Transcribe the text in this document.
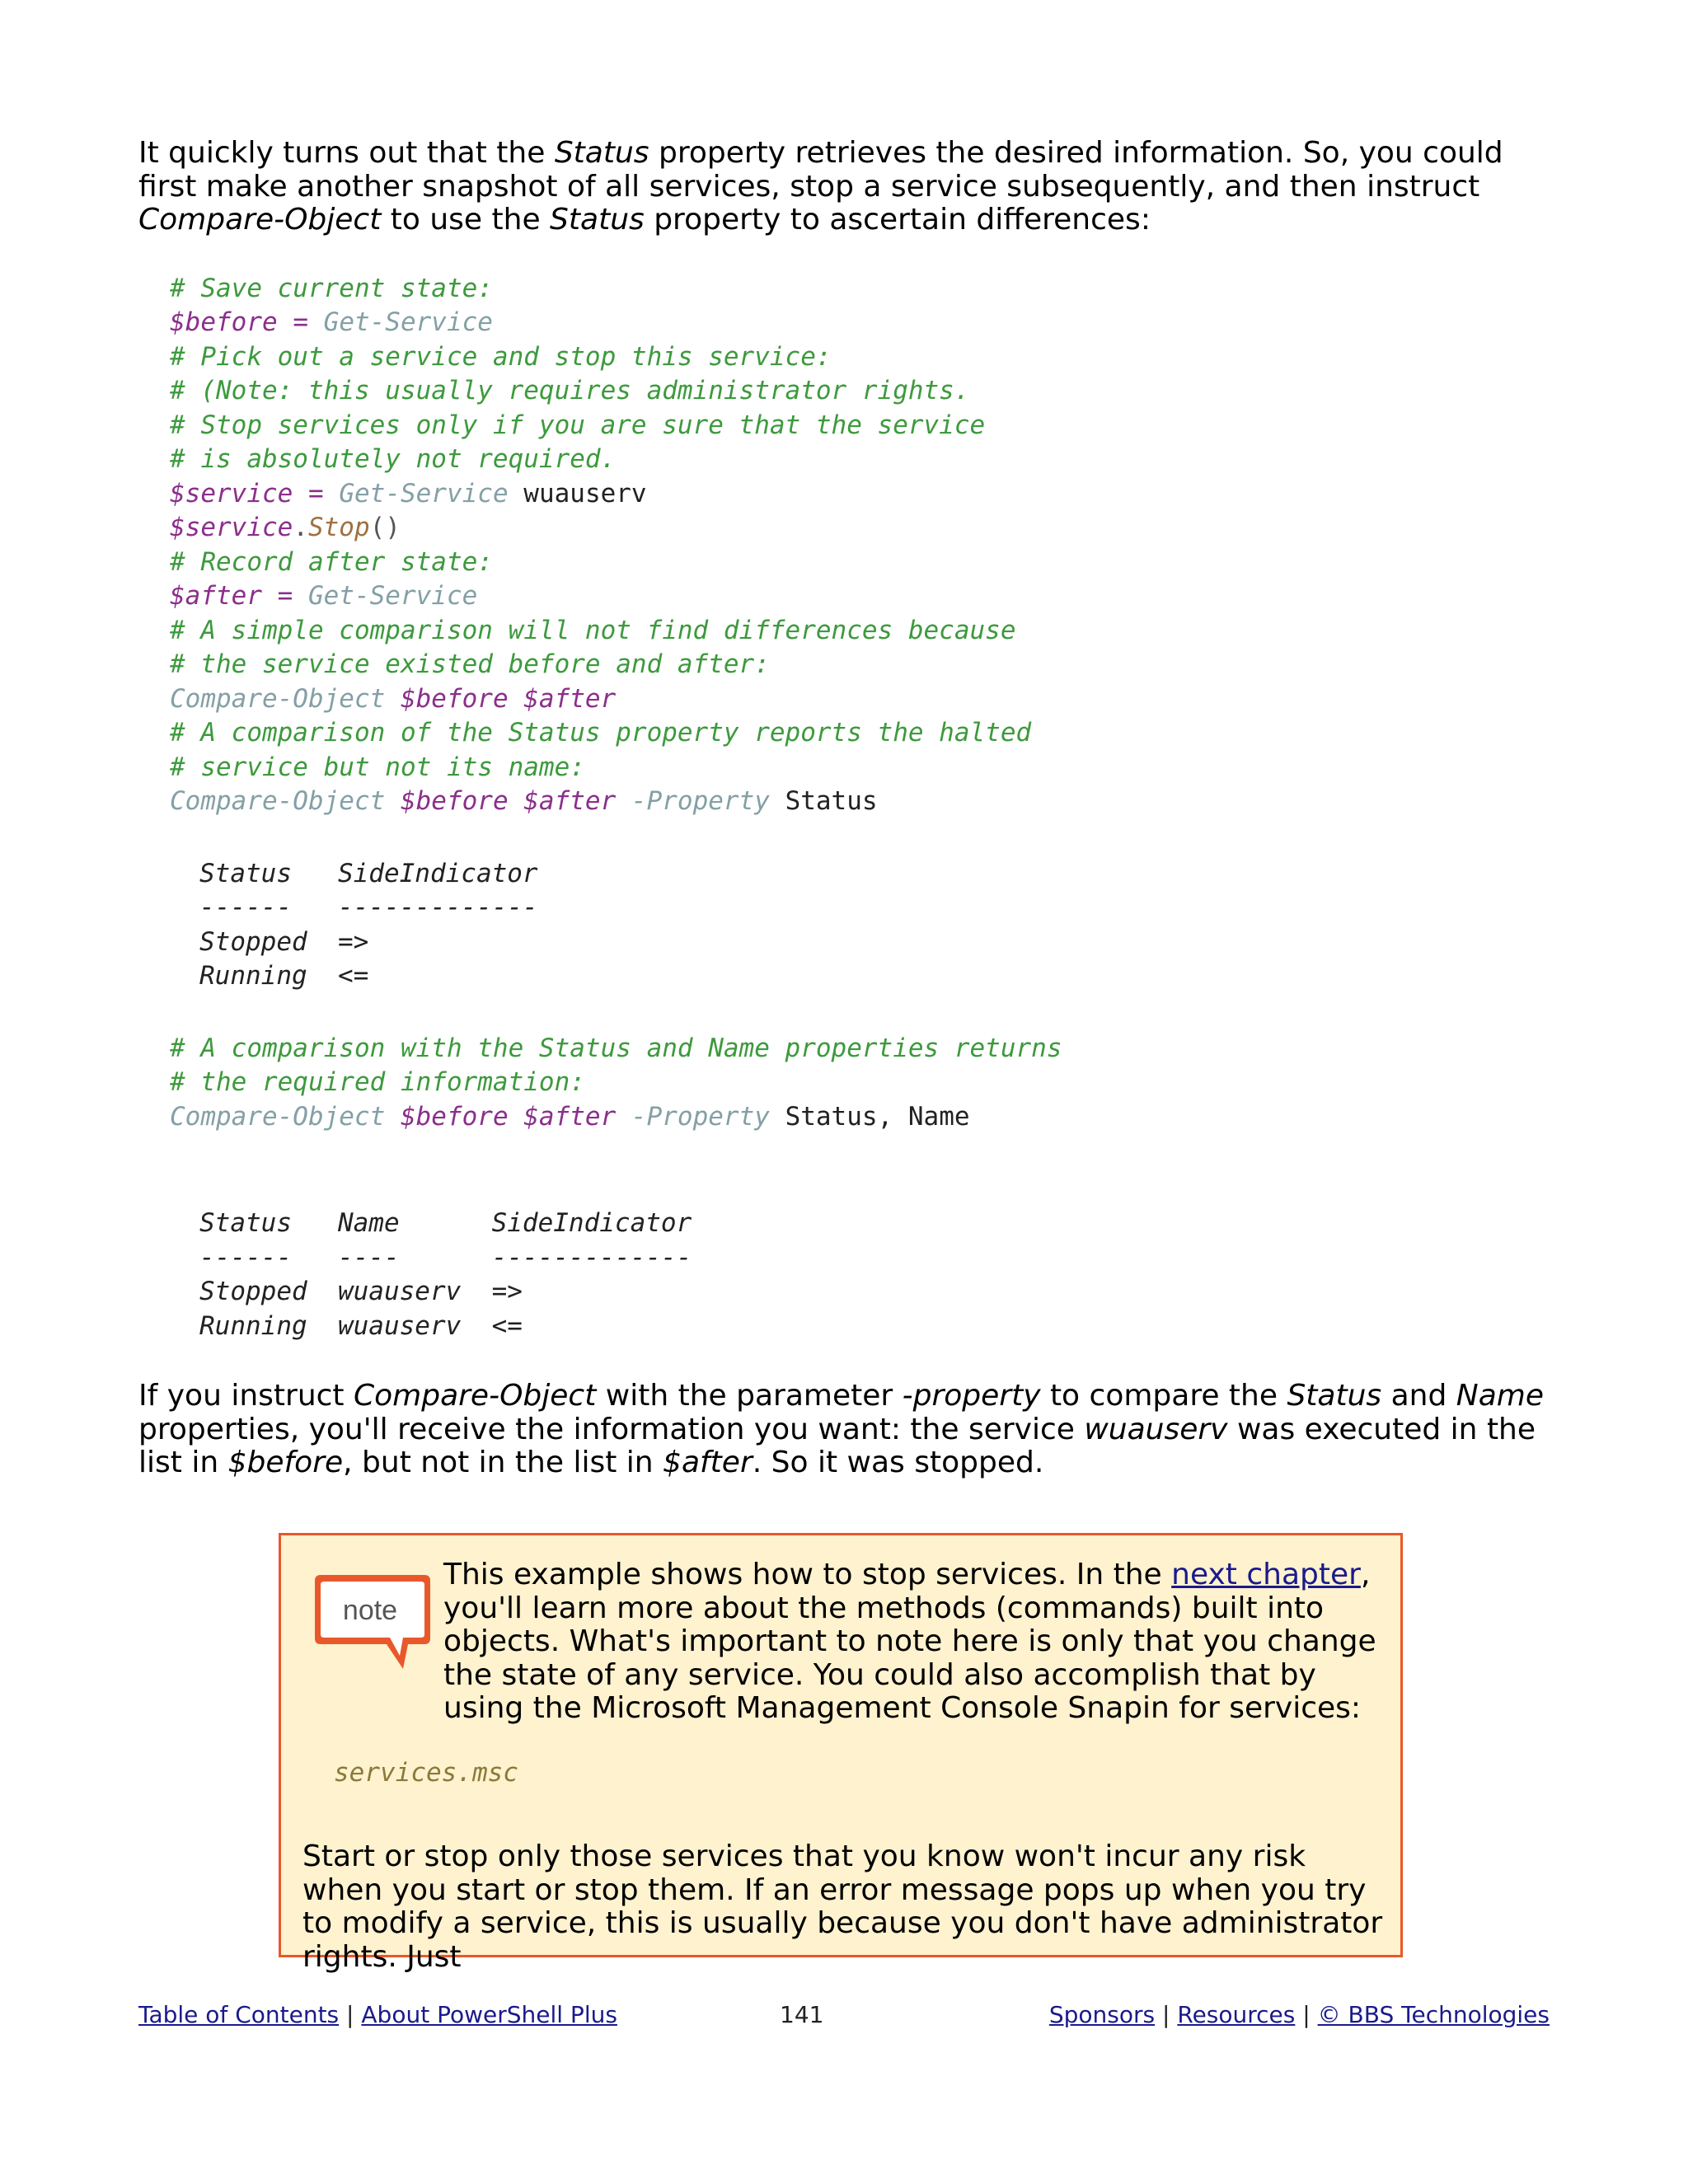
It quickly turns out that the Status property retrieves the desired information. So, you could first make another snapshot of all services, stop a service subsequently, and then instruct Compare-Object to use the Status property to ascertain differences:

# Save current state:
$before = Get-Service
# Pick out a service and stop this service:
# (Note: this usually requires administrator rights.
# Stop services only if you are sure that the service
# is absolutely not required.
$service = Get-Service wuauserv
$service.Stop()
# Record after state:
$after = Get-Service
# A simple comparison will not find differences because
# the service existed before and after:
Compare-Object $before $after
# A comparison of the Status property reports the halted
# service but not its name:
Compare-Object $before $after -Property Status
Status   SideIndicator
------   -------------
Stopped  =>
Running  <=
# A comparison with the Status and Name properties returns
# the required information:
Compare-Object $before $after -Property Status, Name
Status   Name      SideIndicator
------   ----      -------------
Stopped  wuauserv  =>
Running  wuauserv  <=

If you instruct Compare-Object with the parameter -property to compare the Status and Name properties, you'll receive the information you want: the service wuauserv was executed in the list in $before, but not in the list in $after. So it was stopped.

note
This example shows how to stop services. In the next chapter, you'll learn more about the methods (commands) built into objects. What's important to note here is only that you change the state of any service. You could also accomplish that by using the Microsoft Management Console Snapin for services:
services.msc
Start or stop only those services that you know won't incur any risk when you start or stop them. If an error message pops up when you try to modify a service, this is usually because you don't have administrator rights. Just
Table of Contents | About PowerShell Plus	141	Sponsors | Resources | © BBS Technologies
